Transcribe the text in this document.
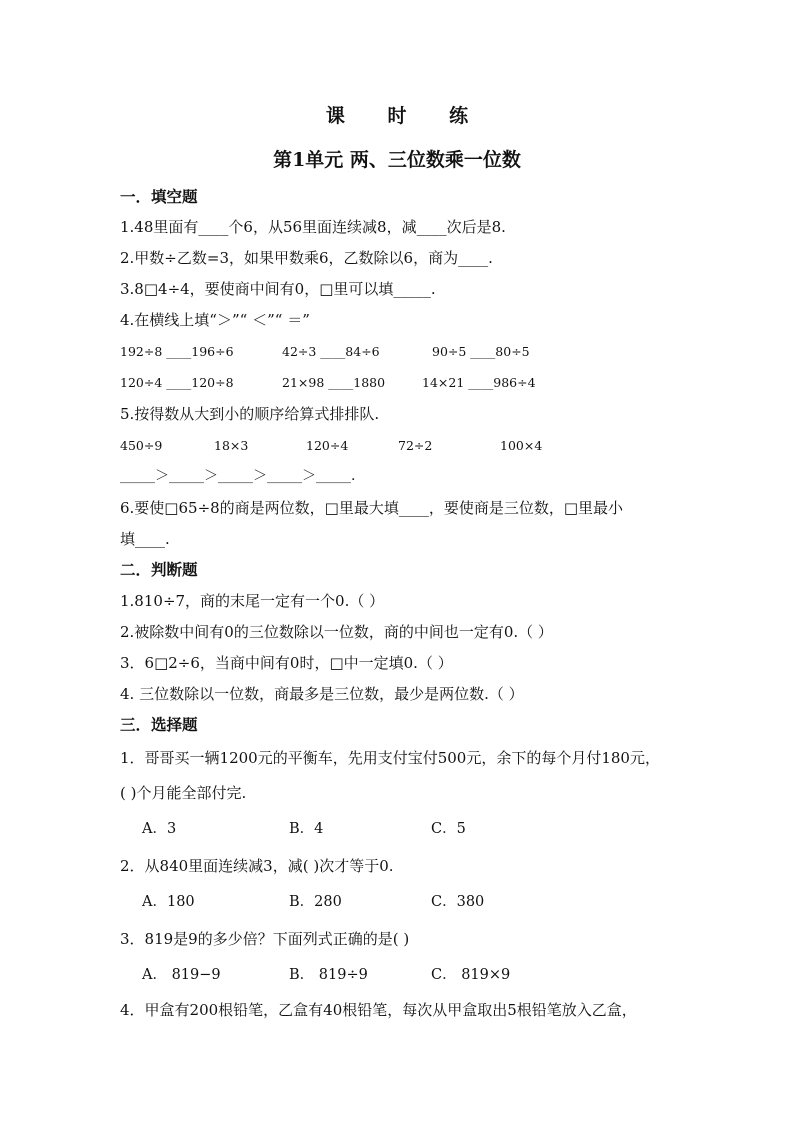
课 时 练
第1单元 两、三位数乘一位数
一．填空题
1.48里面有____个6，从56里面连续减8，减____次后是8.
2.甲数÷乙数=3，如果甲数乘6，乙数除以6，商为____.
3.8□4÷4，要使商中间有0，□里可以填_____.
4.在横线上填“＞”“ ＜”“ ＝”
192÷8 ____196÷6	42÷3 ____84÷6	90÷5 ____80÷5
120÷4 ____120÷8	21×98 ____1880	14×21 ____986÷4
5.按得数从大到小的顺序给算式排排队.
450÷9	18×3	120÷4	72÷2	100×4
_____＞_____＞_____＞_____＞_____.
6.要使□65÷8的商是两位数，□里最大填____，要使商是三位数，□里最小
填____.
二．判断题
1.810÷7，商的末尾一定有一个0.（ ）
2.被除数中间有0的三位数除以一位数，商的中间也一定有0.（ ）
3．6□2÷6，当商中间有0时，□中一定填0.（ ）
4. 三位数除以一位数，商最多是三位数，最少是两位数.（ ）
三．选择题
1．哥哥买一辆1200元的平衡车，先用支付宝付500元，余下的每个月付180元，
( )个月能全部付完.
A．3	B．4	C．5
2．从840里面连续减3，减( )次才等于0.
A．180	B．280	C．380
3．819是9的多少倍？下面列式正确的是( )
A． 819−9	B． 819÷9	C． 819×9
4．甲盒有200根铅笔，乙盒有40根铅笔，每次从甲盒取出5根铅笔放入乙盒，
